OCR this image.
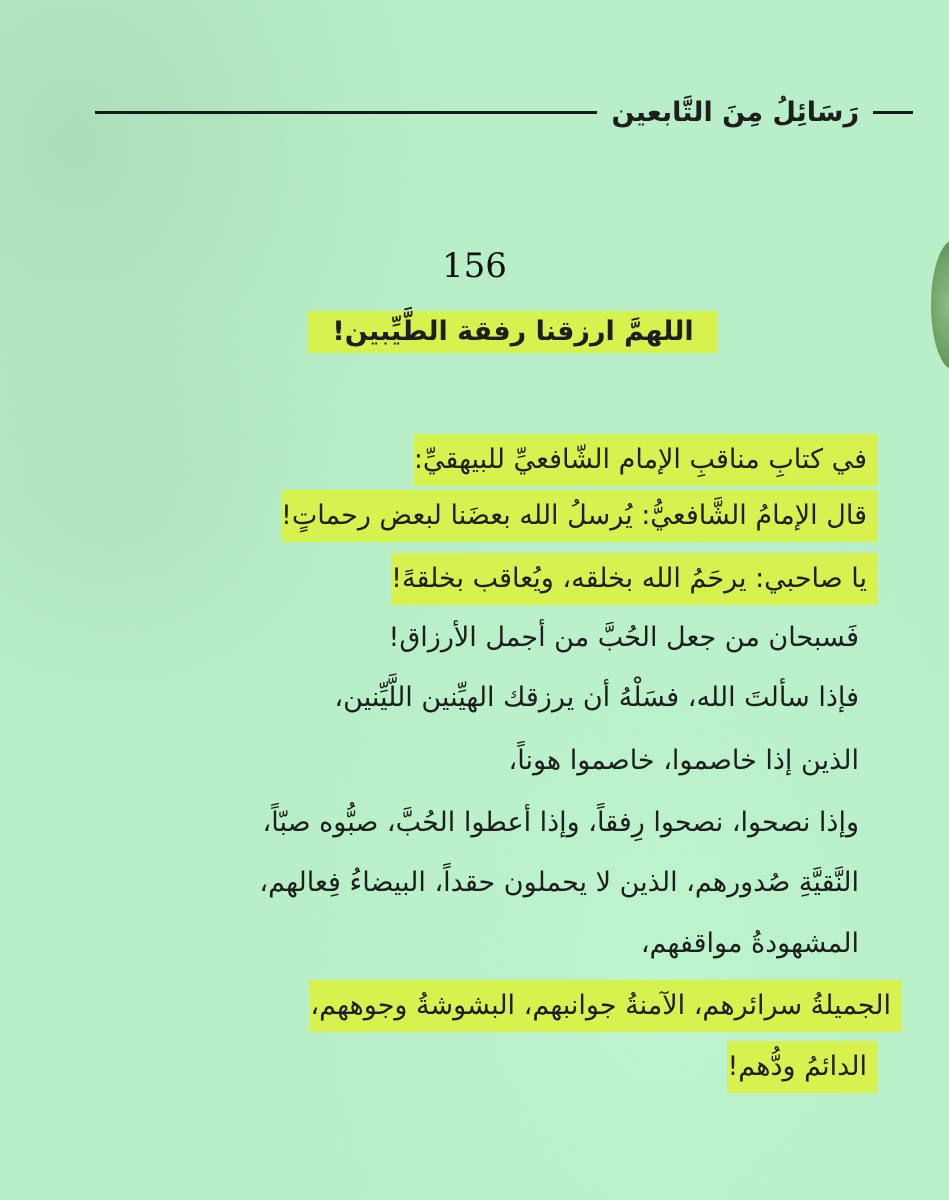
رَسَائِلُ مِنَ التَّابعين
156
اللهمَّ ارزقنا رفقة الطَّيِّبين!
في كتابِ مناقبِ الإمام الشّافعيِّ للبيهقيِّ:
قال الإمامُ الشَّافعيُّ: يُرسلُ الله بعضَنا لبعض رحماتٍ!
يا صاحبي: يرحَمُ الله بخلقه، ويُعاقب بخلقهً!
فَسبحان من جعل الحُبَّ من أجمل الأرزاق!
فإذا سألتَ الله، فسَلْهُ أن يرزقك الهيِّنين اللَّيِّنين،
الذين إذا خاصموا، خاصموا هوناً،
وإذا نصحوا، نصحوا رِفقاً، وإذا أعطوا الحُبَّ، صبُّوه صبّاً،
النَّقيَّةِ صُدورهم، الذين لا يحملون حقداً، البيضاءُ فِعالهم،
المشهودةُ مواقفهم،
الجميلةُ سرائرهم، الآمنةُ جوانبهم، البشوشةُ وجوههم،
الدائمُ ودُّهم!
